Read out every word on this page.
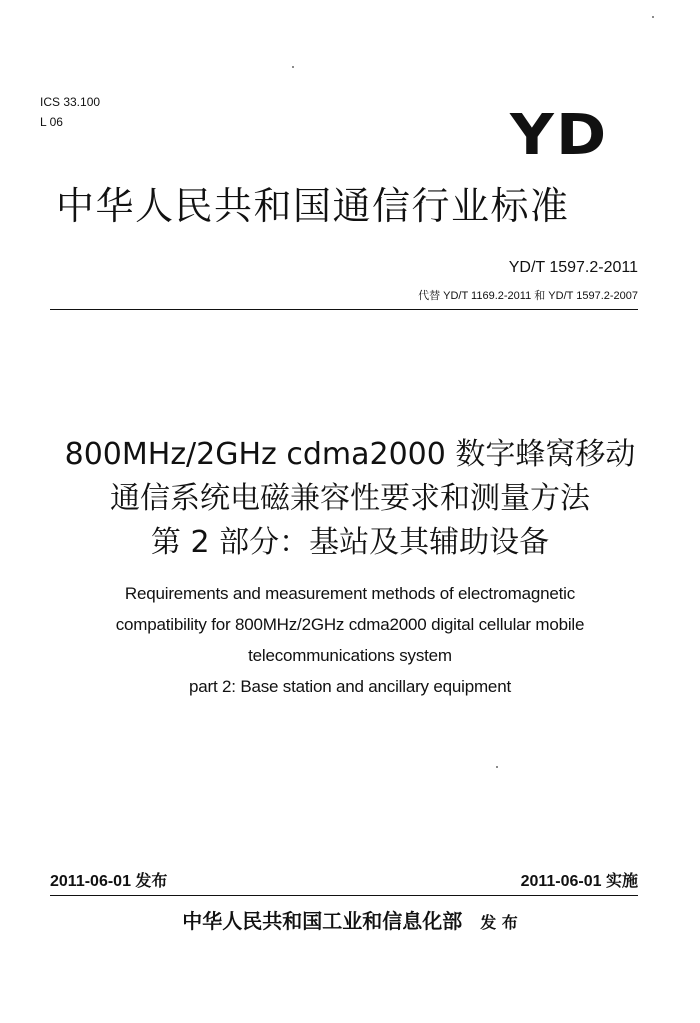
ICS 33.100
L 06	YD
中华人民共和国通信行业标准
YD/T 1597.2-2011
代替 YD/T 1169.2-2011 和 YD/T 1597.2-2007
800MHz/2GHz cdma2000 数字蜂窝移动
通信系统电磁兼容性要求和测量方法
第 2 部分：基站及其辅助设备
Requirements and measurement methods of electromagnetic
compatibility for 800MHz/2GHz cdma2000 digital cellular mobile
telecommunications system
part 2: Base station and ancillary equipment
2011-06-01 发布	2011-06-01 实施
中华人民共和国工业和信息化部 发 布
